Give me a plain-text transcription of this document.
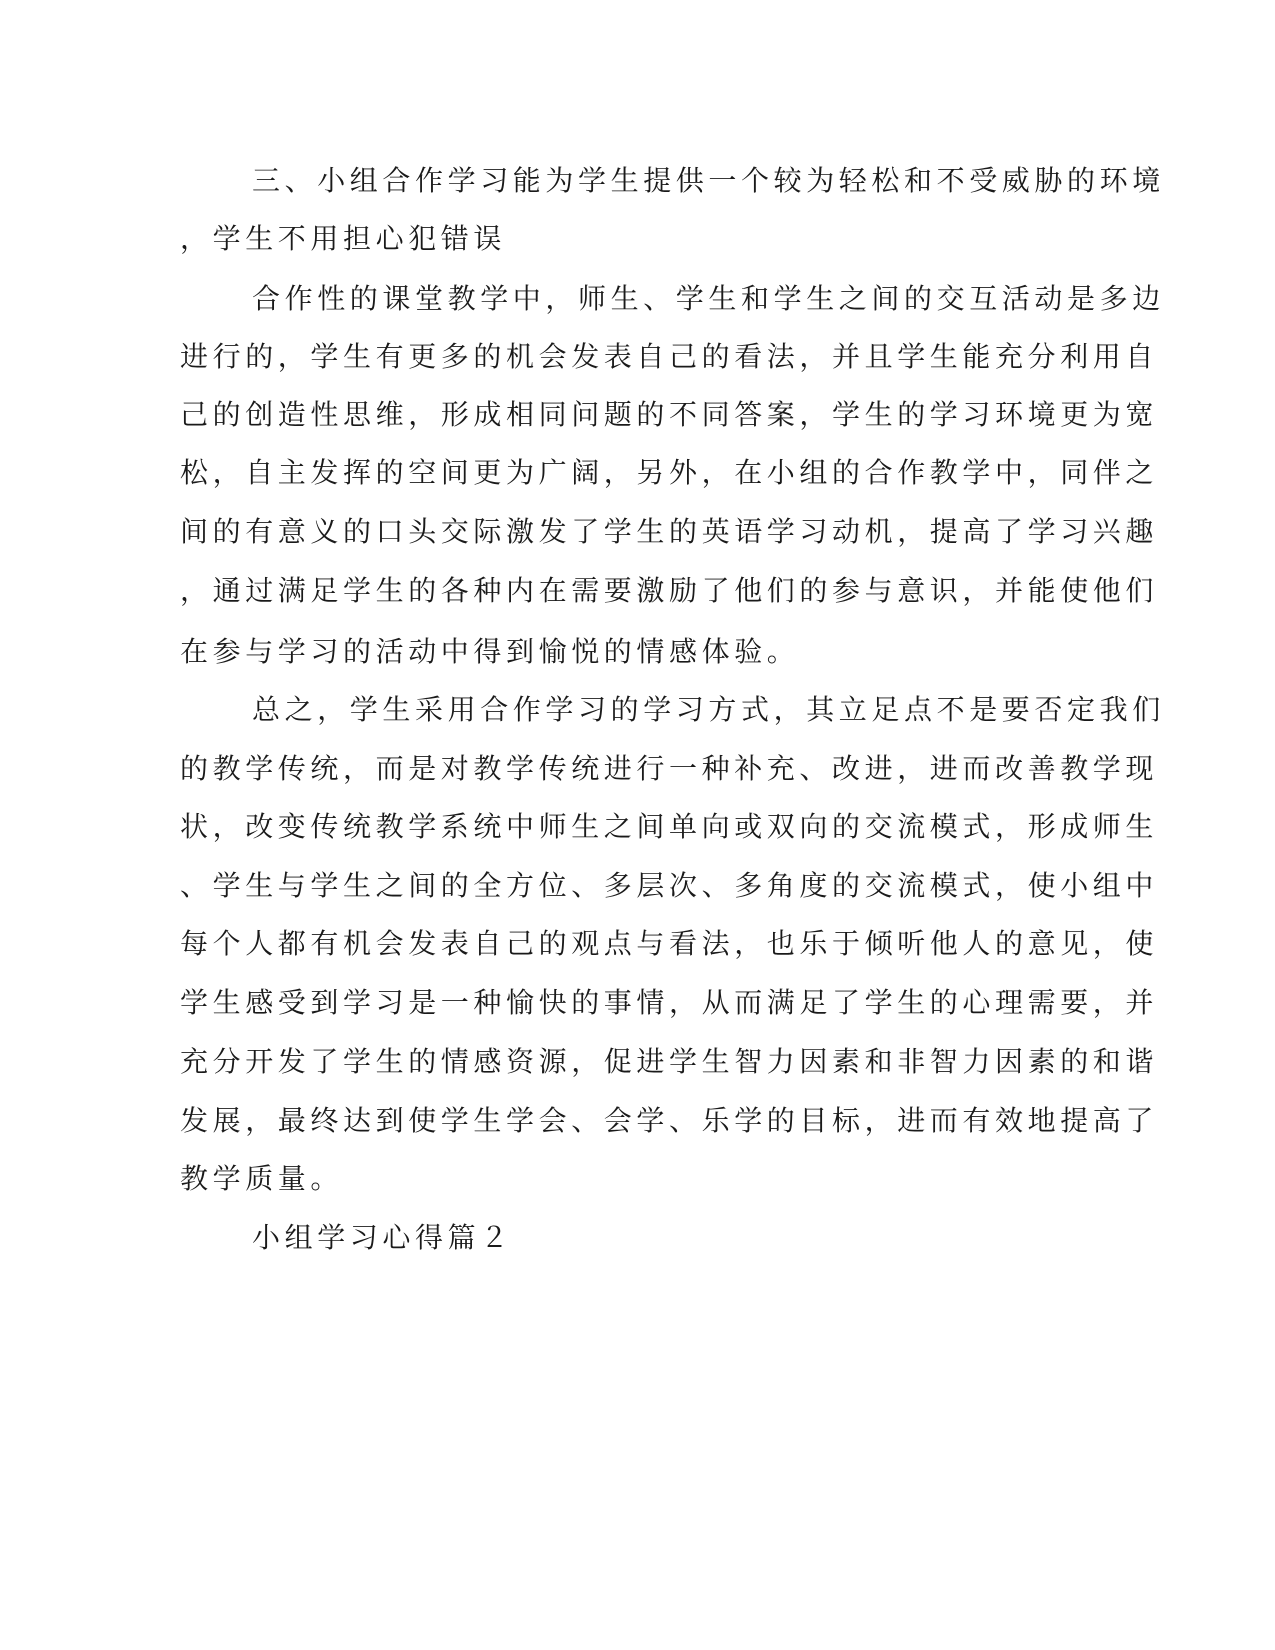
三、小组合作学习能为学生提供一个较为轻松和不受威胁的环境
，学生不用担心犯错误
合作性的课堂教学中，师生、学生和学生之间的交互活动是多边
进行的，学生有更多的机会发表自己的看法，并且学生能充分利用自
己的创造性思维，形成相同问题的不同答案，学生的学习环境更为宽
松，自主发挥的空间更为广阔，另外，在小组的合作教学中，同伴之
间的有意义的口头交际激发了学生的英语学习动机，提高了学习兴趣
，通过满足学生的各种内在需要激励了他们的参与意识，并能使他们
在参与学习的活动中得到愉悦的情感体验。
总之，学生采用合作学习的学习方式，其立足点不是要否定我们
的教学传统，而是对教学传统进行一种补充、改进，进而改善教学现
状，改变传统教学系统中师生之间单向或双向的交流模式，形成师生
、学生与学生之间的全方位、多层次、多角度的交流模式，使小组中
每个人都有机会发表自己的观点与看法，也乐于倾听他人的意见，使
学生感受到学习是一种愉快的事情，从而满足了学生的心理需要，并
充分开发了学生的情感资源，促进学生智力因素和非智力因素的和谐
发展，最终达到使学生学会、会学、乐学的目标，进而有效地提高了
教学质量。
小组学习心得篇２
